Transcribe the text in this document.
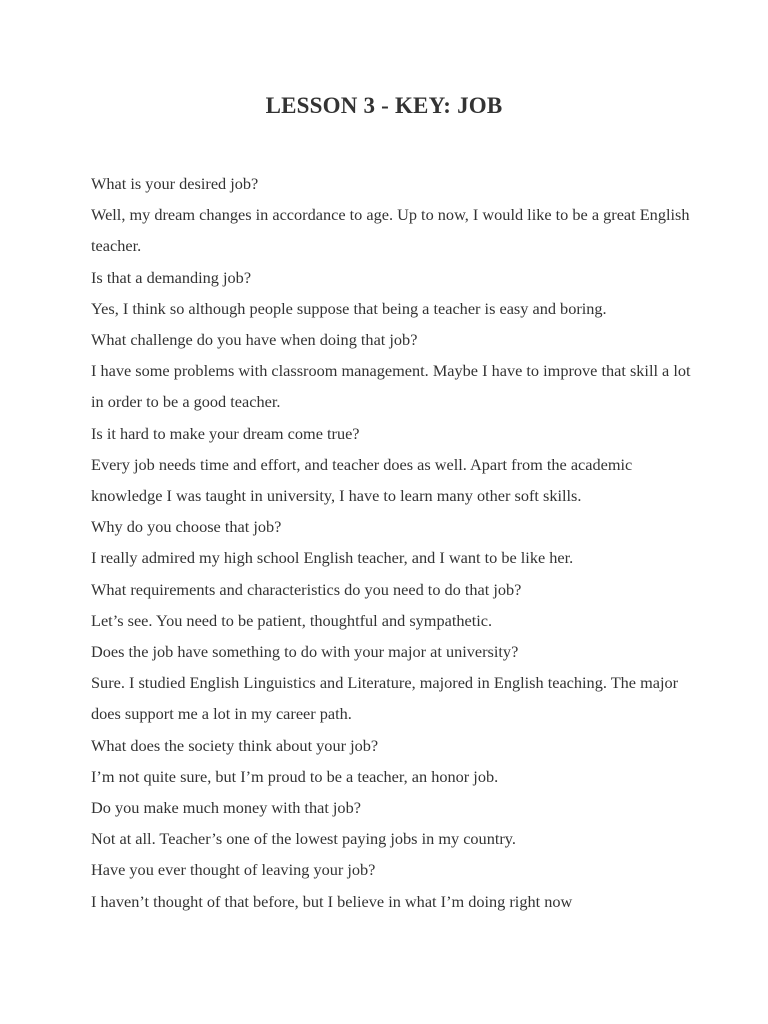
LESSON 3 - KEY: JOB

What is your desired job?

Well, my dream changes in accordance to age. Up to now, I would like to be a great English teacher.

Is that a demanding job?

Yes, I think so although people suppose that being a teacher is easy and boring.

What challenge do you have when doing that job?

I have some problems with classroom management. Maybe I have to improve that skill a lot in order to be a good teacher.

Is it hard to make your dream come true?

Every job needs time and effort, and teacher does as well. Apart from the academic knowledge I was taught in university, I have to learn many other soft skills.

Why do you choose that job?

I really admired my high school English teacher, and I want to be like her.

What requirements and characteristics do you need to do that job?

Let’s see. You need to be patient, thoughtful and sympathetic.

Does the job have something to do with your major at university?

Sure. I studied English Linguistics and Literature, majored in English teaching. The major does support me a lot in my career path.

What does the society think about your job?

I’m not quite sure, but I’m proud to be a teacher, an honor job.

Do you make much money with that job?

Not at all. Teacher’s one of the lowest paying jobs in my country.

Have you ever thought of leaving your job?

I haven’t thought of that before, but I believe in what I’m doing right now
